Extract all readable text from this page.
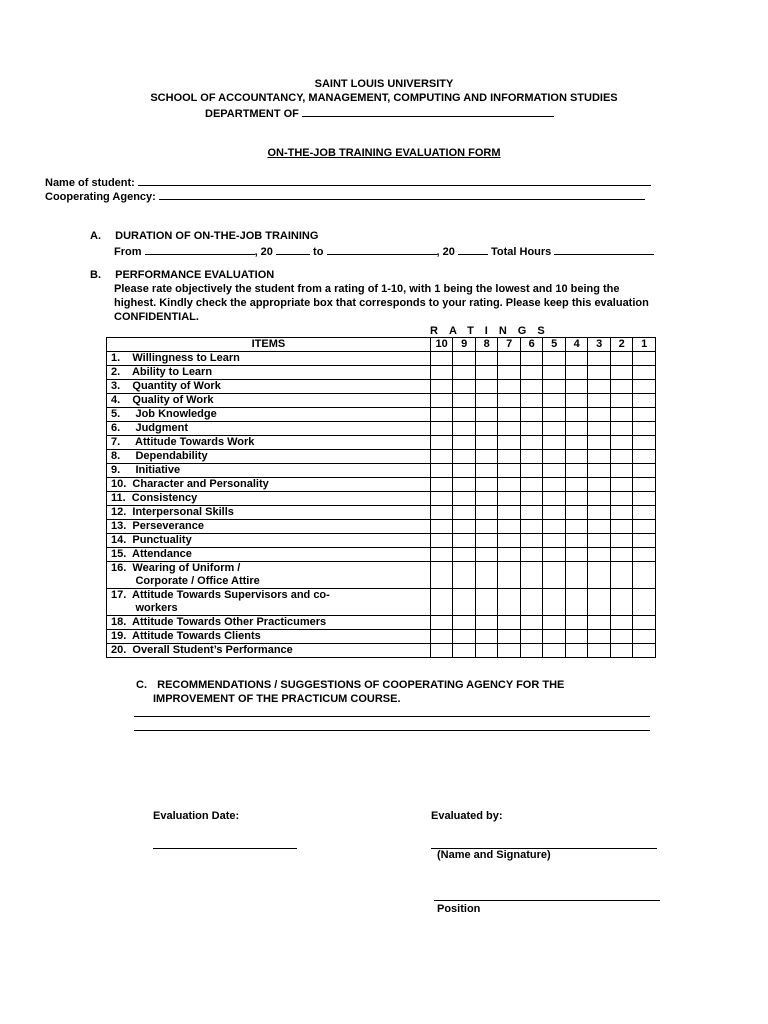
SAINT LOUIS UNIVERSITY
SCHOOL OF ACCOUNTANCY, MANAGEMENT, COMPUTING AND INFORMATION STUDIES
DEPARTMENT OF
ON-THE-JOB TRAINING EVALUATION FORM
Name of student:
Cooperating Agency:
A. DURATION OF ON-THE-JOB TRAINING
From	, 20	to	, 20	Total Hours
B. PERFORMANCE EVALUATION
Please rate objectively the student from a rating of 1-10, with 1 being the lowest and 10 being the highest. Kindly check the appropriate box that corresponds to your rating. Please keep this evaluation CONFIDENTIAL.
RATINGS
ITEMS	10	9	8	7	6	5	4	3	2	1
1.    Willingness to Learn										
2.    Ability to Learn										
3.    Quantity of Work										
4.    Quality of Work										
5.     Job Knowledge										
6.     Judgment										
7.     Attitude Towards Work										
8.     Dependability										
9.     Initiative										
10.  Character and Personality										
11.  Consistency										
12.  Interpersonal Skills										
13.  Perseverance										
14.  Punctuality										
15.  Attendance										
16.  Wearing of Uniform /
Corporate / Office Attire										
17.  Attitude Towards Supervisors and co-
workers										
18.  Attitude Towards Other Practicumers										
19.  Attitude Towards Clients										
20.  Overall Student’s Performance										
C. RECOMMENDATIONS / SUGGESTIONS OF COOPERATING AGENCY FOR THE
IMPROVEMENT OF THE PRACTICUM COURSE.
Evaluation Date:	Evaluated by:
(Name and Signature)
Position
